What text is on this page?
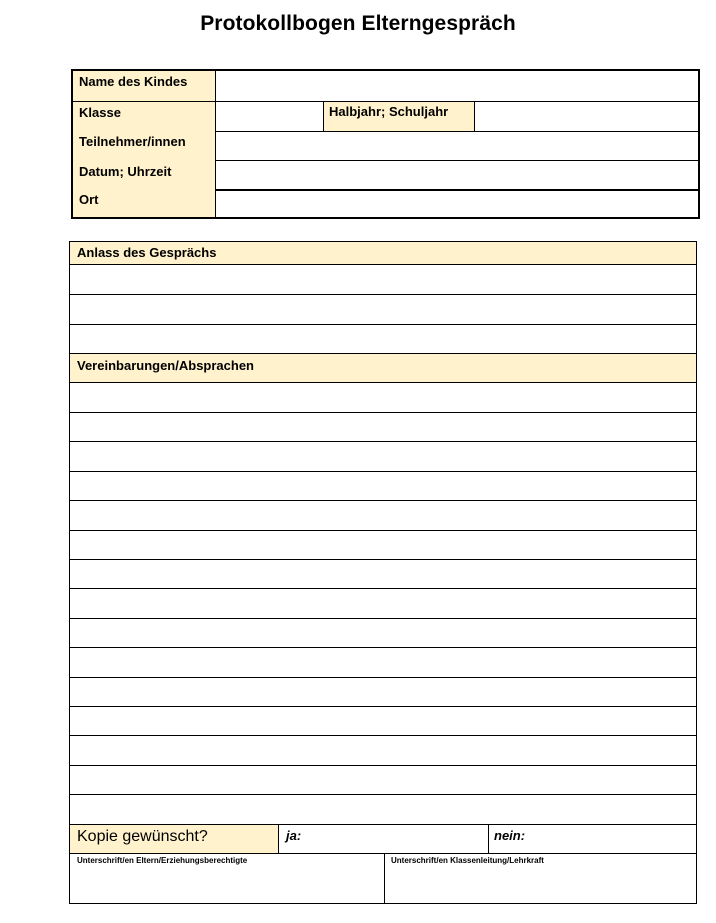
Protokollbogen Elterngespräch
Name des Kindes
Klasse	Halbjahr; Schuljahr
Teilnehmer/innen
Datum; Uhrzeit
Ort
Anlass des Gesprächs
Vereinbarungen/Absprachen
Kopie gewünscht?	ja:	nein:
Unterschrift/en Eltern/Erziehungsberechtigte	Unterschrift/en Klassenleitung/Lehrkraft
